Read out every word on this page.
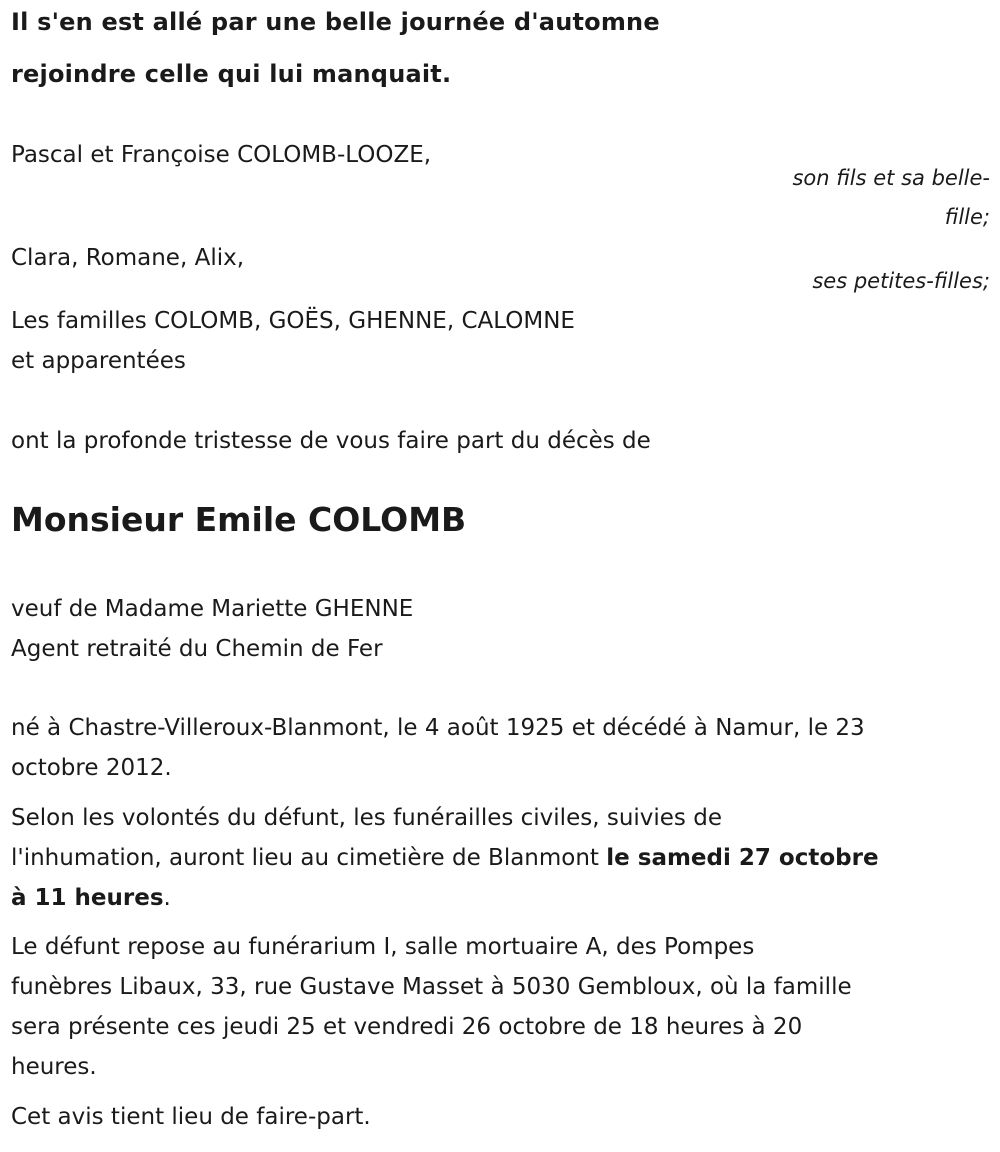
Il s'en est allé par une belle journée d'automne
rejoindre celle qui lui manquait.
Pascal et Françoise COLOMB-LOOZE,
son fils et sa belle-
fille;
Clara, Romane, Alix,
ses petites-filles;
Les familles COLOMB, GOËS, GHENNE, CALOMNE
et apparentées
ont la profonde tristesse de vous faire part du décès de
Monsieur Emile COLOMB
veuf de Madame Mariette GHENNE
Agent retraité du Chemin de Fer
né à Chastre-Villeroux-Blanmont, le 4 août 1925 et décédé à Namur, le 23
octobre 2012.
Selon les volontés du défunt, les funérailles civiles, suivies de
l'inhumation, auront lieu au cimetière de Blanmont le samedi 27 octobre
à 11 heures.
Le défunt repose au funérarium I, salle mortuaire A, des Pompes
funèbres Libaux, 33, rue Gustave Masset à 5030 Gembloux, où la famille
sera présente ces jeudi 25 et vendredi 26 octobre de 18 heures à 20
heures.
Cet avis tient lieu de faire-part.
